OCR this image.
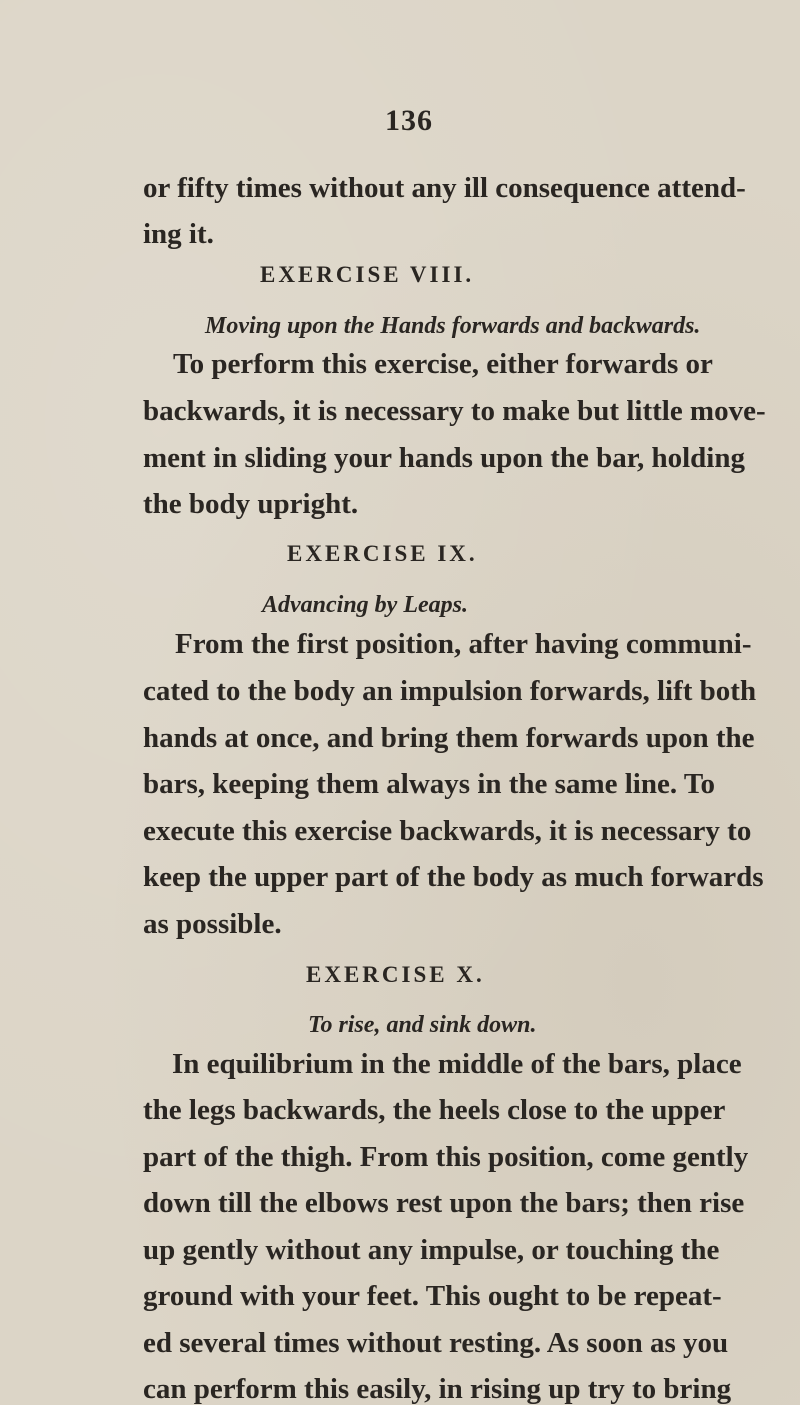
136
or fifty times without any ill consequence attend-
ing it.
EXERCISE VIII.
Moving upon the Hands forwards and backwards.
To perform this exercise, either forwards or
backwards, it is necessary to make but little move-
ment in sliding your hands upon the bar, holding
the body upright.
EXERCISE IX.
Advancing by Leaps.
From the first position, after having communi-
cated to the body an impulsion forwards, lift both
hands at once, and bring them forwards upon the
bars, keeping them always in the same line. To
execute this exercise backwards, it is necessary to
keep the upper part of the body as much forwards
as possible.
EXERCISE X.
To rise, and sink down.
In equilibrium in the middle of the bars, place
the legs backwards, the heels close to the upper
part of the thigh. From this position, come gently
down till the elbows rest upon the bars; then rise
up gently without any impulse, or touching the
ground with your feet. This ought to be repeat-
ed several times without resting. As soon as you
can perform this easily, in rising up try to bring
